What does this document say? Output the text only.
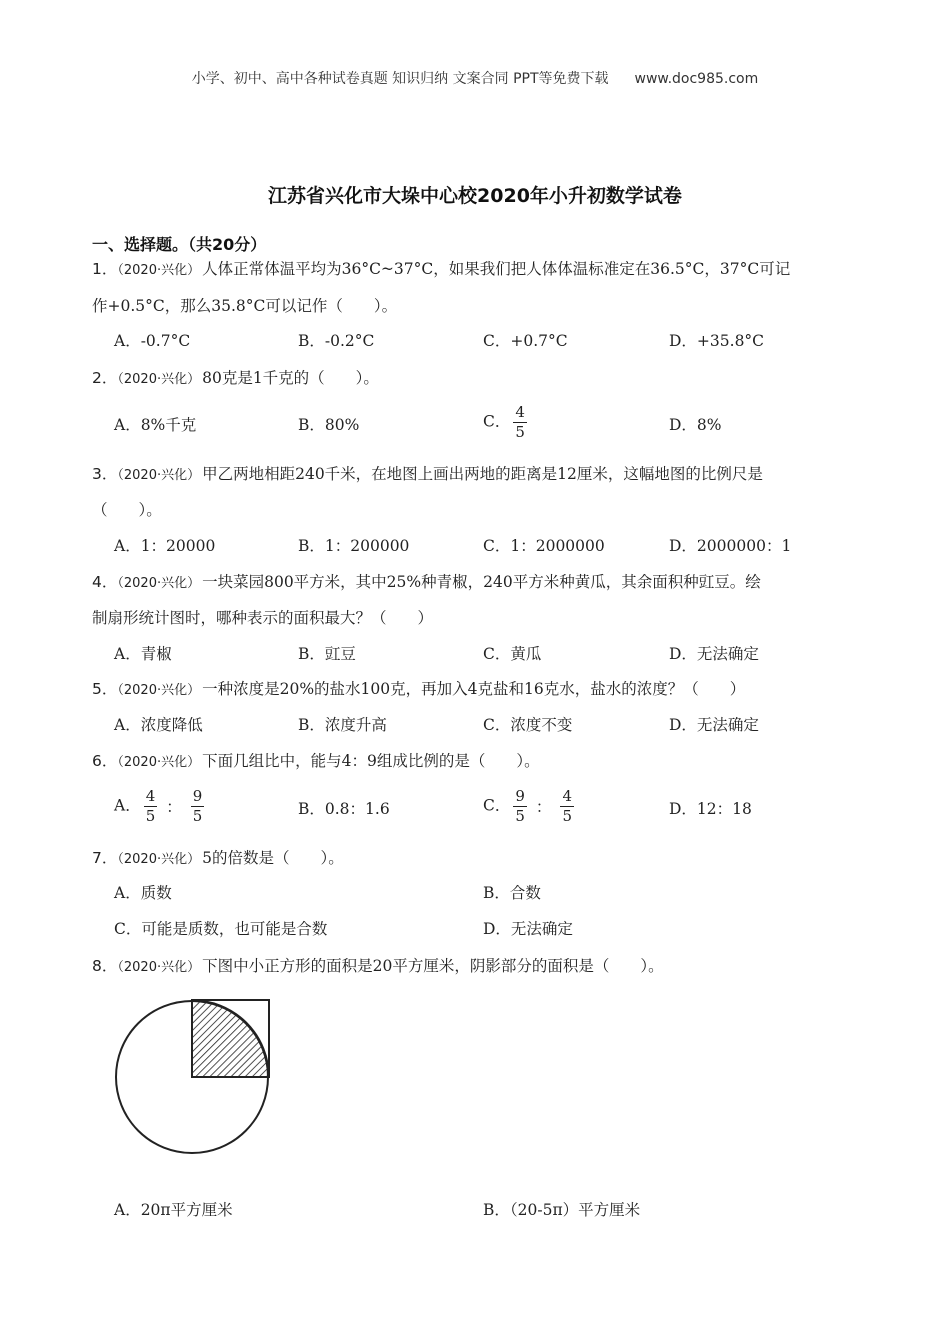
小学、初中、高中各种试卷真题 知识归纳 文案合同 PPT等免费下载 www.doc985.com
江苏省兴化市大垛中心校2020年小升初数学试卷
一、选择题。（共20分）
1．（2020·兴化） 人体正常体温平均为36°C~37°C，如果我们把人体体温标准定在36.5°C，37°C可记
作+0.5°C，那么35.8°C可以记作（　　）。
A．-0.7°C	B．-0.2°C	C．+0.7°C	D．+35.8°C
2．（2020·兴化） 80克是1千克的（　　）。
A．8%千克	B．80%	C． $\frac{4}{5}$	D．8%
3．（2020·兴化） 甲乙两地相距240千米，在地图上画出两地的距离是12厘米，这幅地图的比例尺是
（　　）。
A．1：20000	B．1：200000	C．1：2000000	D．2000000：1
4．（2020·兴化） 一块菜园800平方米，其中25%种青椒，240平方米种黄瓜，其余面积种豇豆。绘
制扇形统计图时，哪种表示的面积最大？（　　）
A．青椒	B．豇豆	C．黄瓜	D．无法确定
5．（2020·兴化） 一种浓度是20%的盐水100克，再加入4克盐和16克水，盐水的浓度？（　　）
A．浓度降低	B．浓度升高	C．浓度不变	D．无法确定
6．（2020·兴化） 下面几组比中，能与4：9组成比例的是（　　）。
A． $\frac{4}{5}$ ： $\frac{9}{5}$	B．0.8：1.6	C． $\frac{9}{5}$ ： $\frac{4}{5}$	D．12：18
7．（2020·兴化） 5的倍数是（　　）。
A．质数	B．合数
C．可能是质数，也可能是合数	D．无法确定
8．（2020·兴化） 下图中小正方形的面积是20平方厘米，阴影部分的面积是（　　）。
A．20π平方厘米	B．（20-5π）平方厘米
